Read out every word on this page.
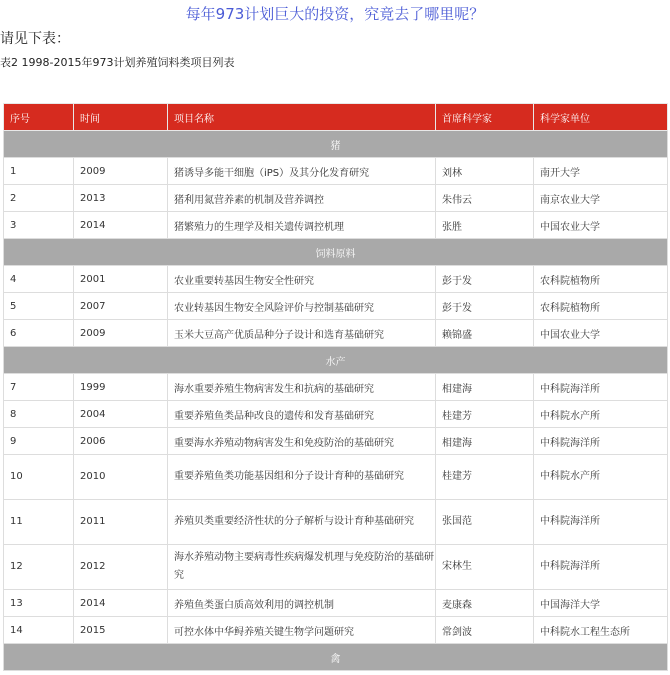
每年973计划巨大的投资，究竟去了哪里呢？
请见下表：
表2 1998-2015年973计划养殖饲料类项目列表
序号	时间	项目名称	首席科学家	科学家单位
猪				
1	2009	猪诱导多能干细胞（iPS）及其分化发育研究	刘林	南开大学
2	2013	猪利用氮营养素的机制及营养调控	朱伟云	南京农业大学
3	2014	猪繁殖力的生理学及相关遗传调控机理	张胜	中国农业大学
饲料原料				
4	2001	农业重要转基因生物安全性研究	彭于发	农科院植物所
5	2007	农业转基因生物安全风险评价与控制基础研究	彭于发	农科院植物所
6	2009	玉米大豆高产优质品种分子设计和选育基础研究	赖锦盛	中国农业大学
水产				
7	1999	海水重要养殖生物病害发生和抗病的基础研究	相建海	中科院海洋所
8	2004	重要养殖鱼类品种改良的遗传和发育基础研究	桂建芳	中科院水产所
9	2006	重要海水养殖动物病害发生和免疫防治的基础研究	相建海	中科院海洋所
10	2010	重要养殖鱼类功能基因组和分子设计育种的基础研究	桂建芳	中科院水产所
11	2011	养殖贝类重要经济性状的分子解析与设计育种基础研究	张国范	中科院海洋所
12	2012	海水养殖动物主要病毒性疾病爆发机理与免疫防治的基础研究	宋林生	中科院海洋所
13	2014	养殖鱼类蛋白质高效利用的调控机制	麦康森	中国海洋大学
14	2015	可控水体中华鲟养殖关键生物学问题研究	常剑波	中科院水工程生态所
禽				
